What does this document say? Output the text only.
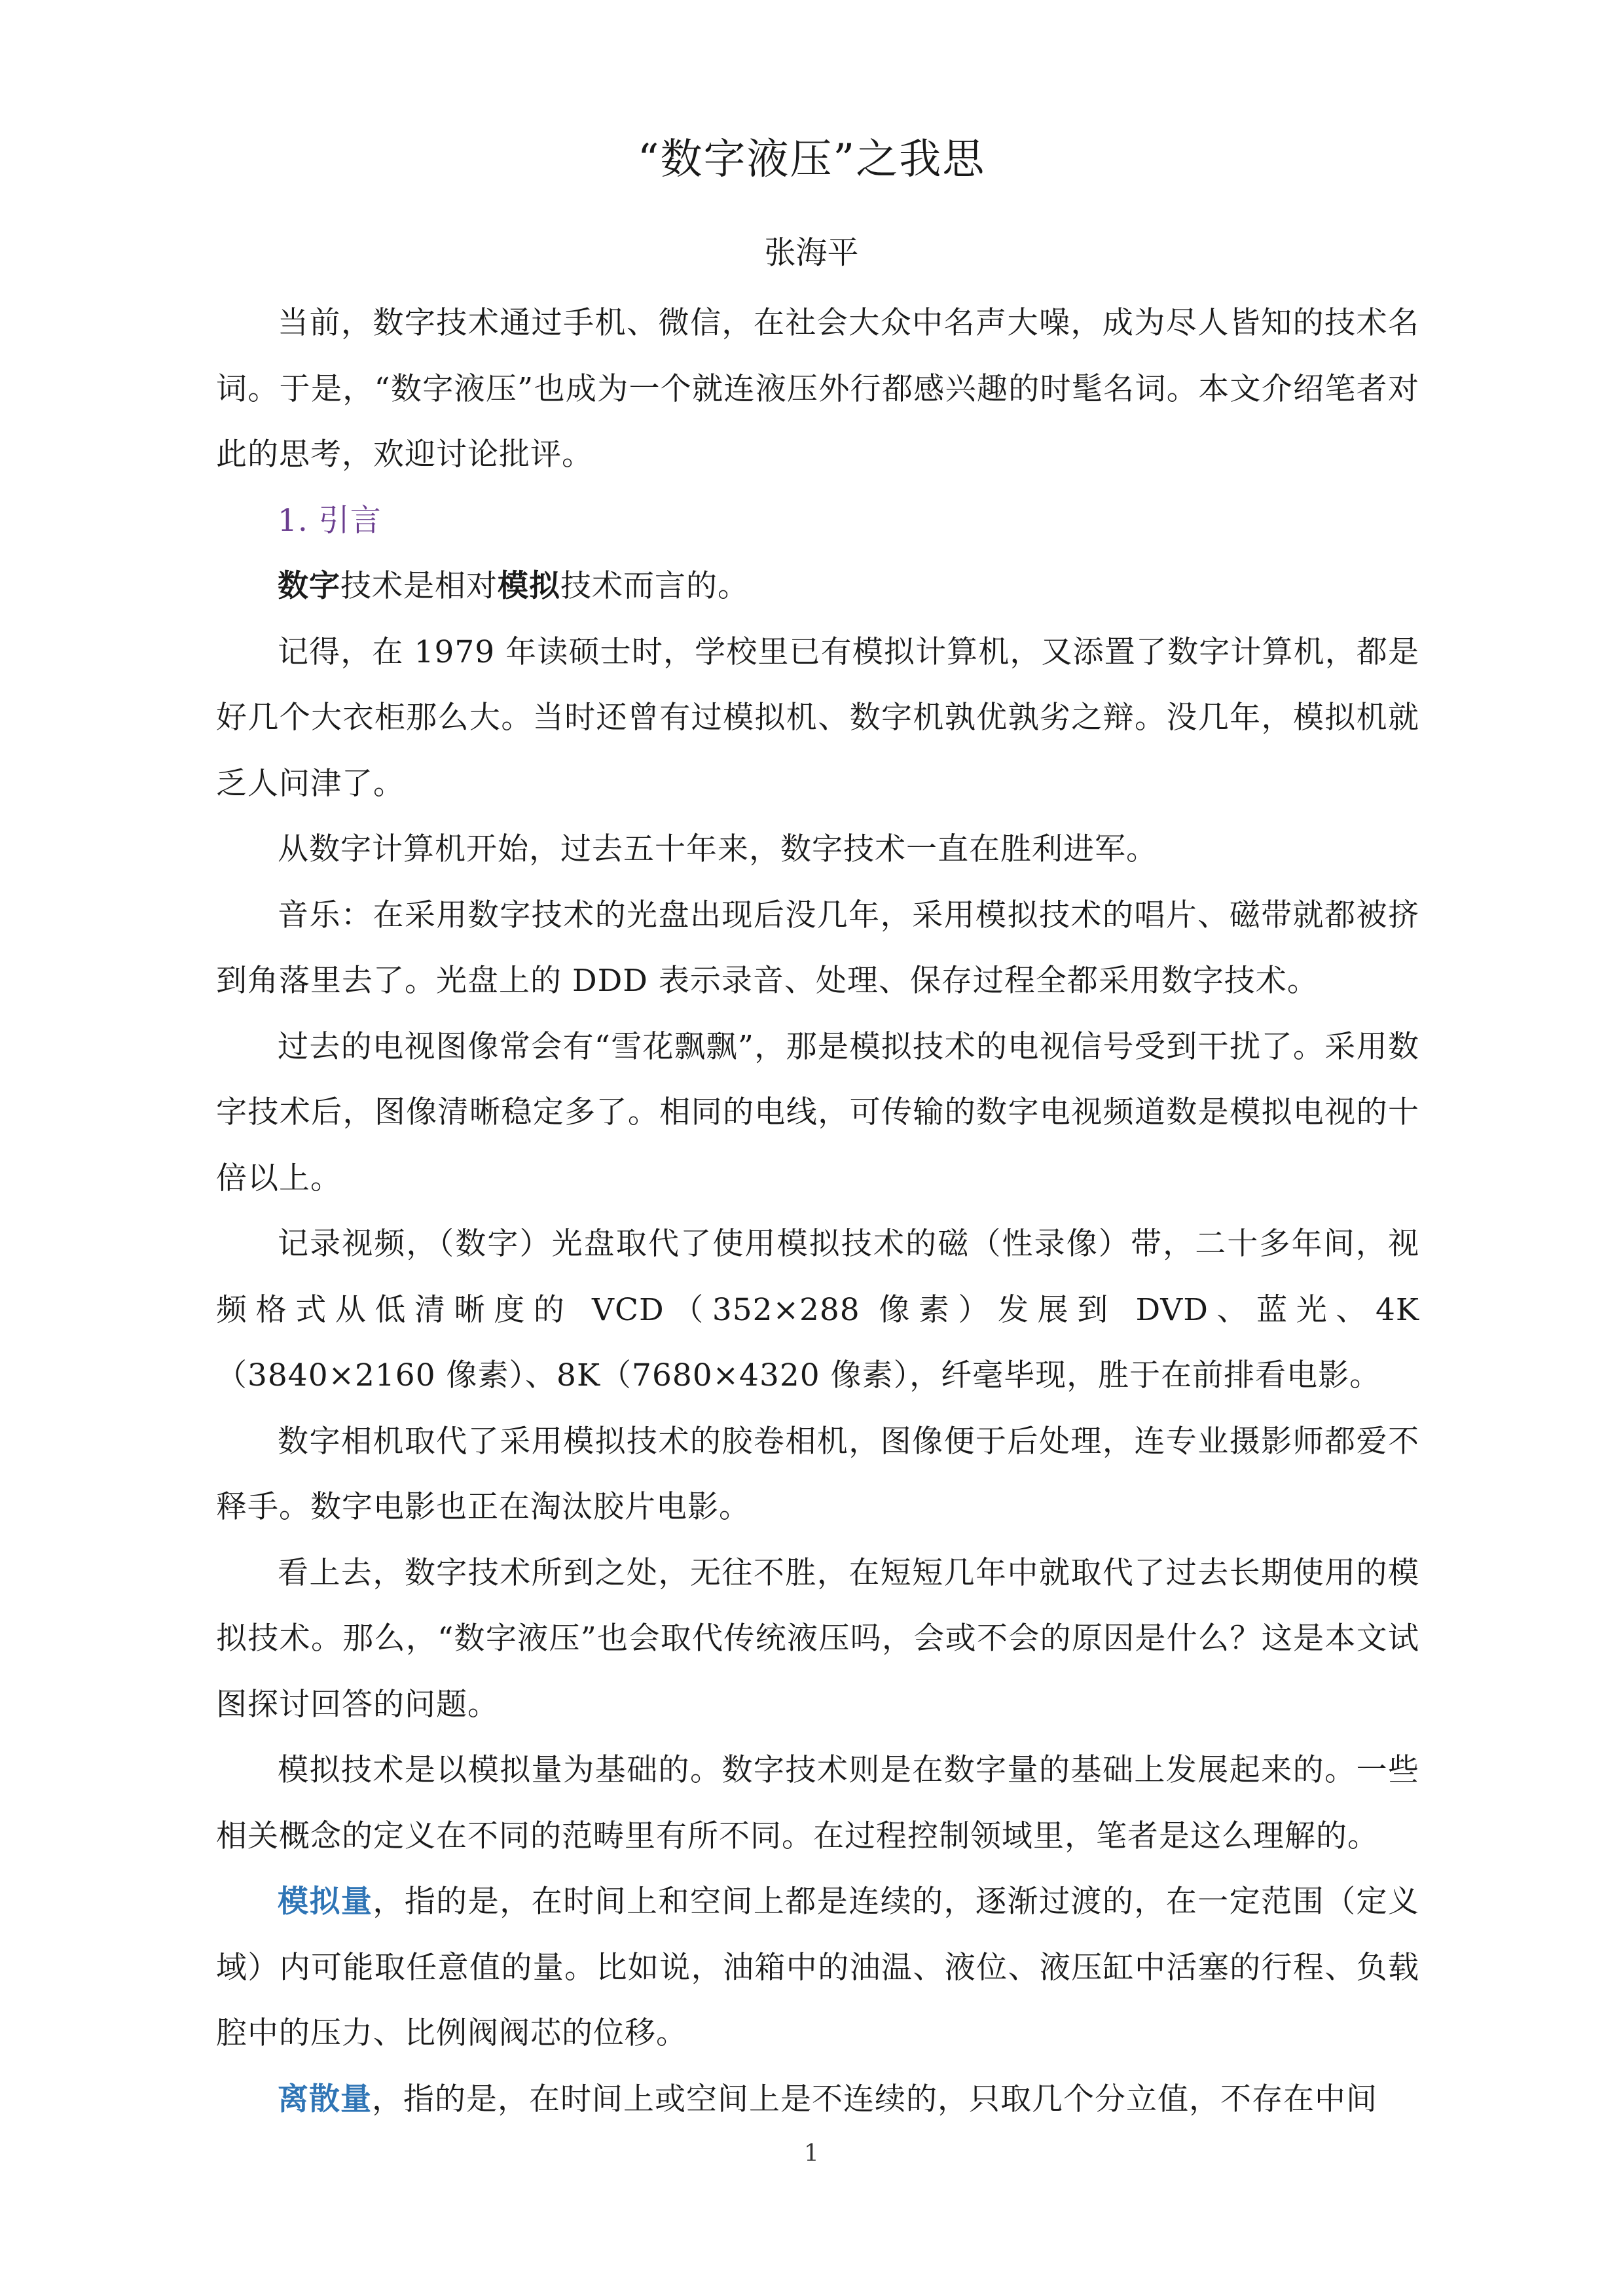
“数字液压”之我思
张海平

当前，数字技术通过手机、微信，在社会大众中名声大噪，成为尽人皆知的技术名词。于是，“数字液压”也成为一个就连液压外行都感兴趣的时髦名词。本文介绍笔者对此的思考，欢迎讨论批评。

1. 引言

数字技术是相对模拟技术而言的。

记得，在 1979 年读硕士时，学校里已有模拟计算机，又添置了数字计算机，都是好几个大衣柜那么大。当时还曾有过模拟机、数字机孰优孰劣之辩。没几年，模拟机就乏人问津了。

从数字计算机开始，过去五十年来，数字技术一直在胜利进军。

音乐：在采用数字技术的光盘出现后没几年，采用模拟技术的唱片、磁带就都被挤到角落里去了。光盘上的 DDD 表示录音、处理、保存过程全都采用数字技术。

过去的电视图像常会有“雪花飘飘”，那是模拟技术的电视信号受到干扰了。采用数字技术后，图像清晰稳定多了。相同的电线，可传输的数字电视频道数是模拟电视的十倍以上。

记录视频，（数字）光盘取代了使用模拟技术的磁（性录像）带，二十多年间，视频格式从低清晰度的 VCD（352×288 像素）发展到 DVD、蓝光、4K（3840×2160 像素）、8K（7680×4320 像素），纤毫毕现，胜于在前排看电影。

数字相机取代了采用模拟技术的胶卷相机，图像便于后处理，连专业摄影师都爱不释手。数字电影也正在淘汰胶片电影。

看上去，数字技术所到之处，无往不胜，在短短几年中就取代了过去长期使用的模拟技术。那么，“数字液压”也会取代传统液压吗，会或不会的原因是什么？这是本文试图探讨回答的问题。

模拟技术是以模拟量为基础的。数字技术则是在数字量的基础上发展起来的。一些相关概念的定义在不同的范畴里有所不同。在过程控制领域里，笔者是这么理解的。

模拟量，指的是，在时间上和空间上都是连续的，逐渐过渡的，在一定范围（定义域）内可能取任意值的量。比如说，油箱中的油温、液位、液压缸中活塞的行程、负载腔中的压力、比例阀阀芯的位移。

离散量，指的是，在时间上或空间上是不连续的，只取几个分立值，不存在中间

1
